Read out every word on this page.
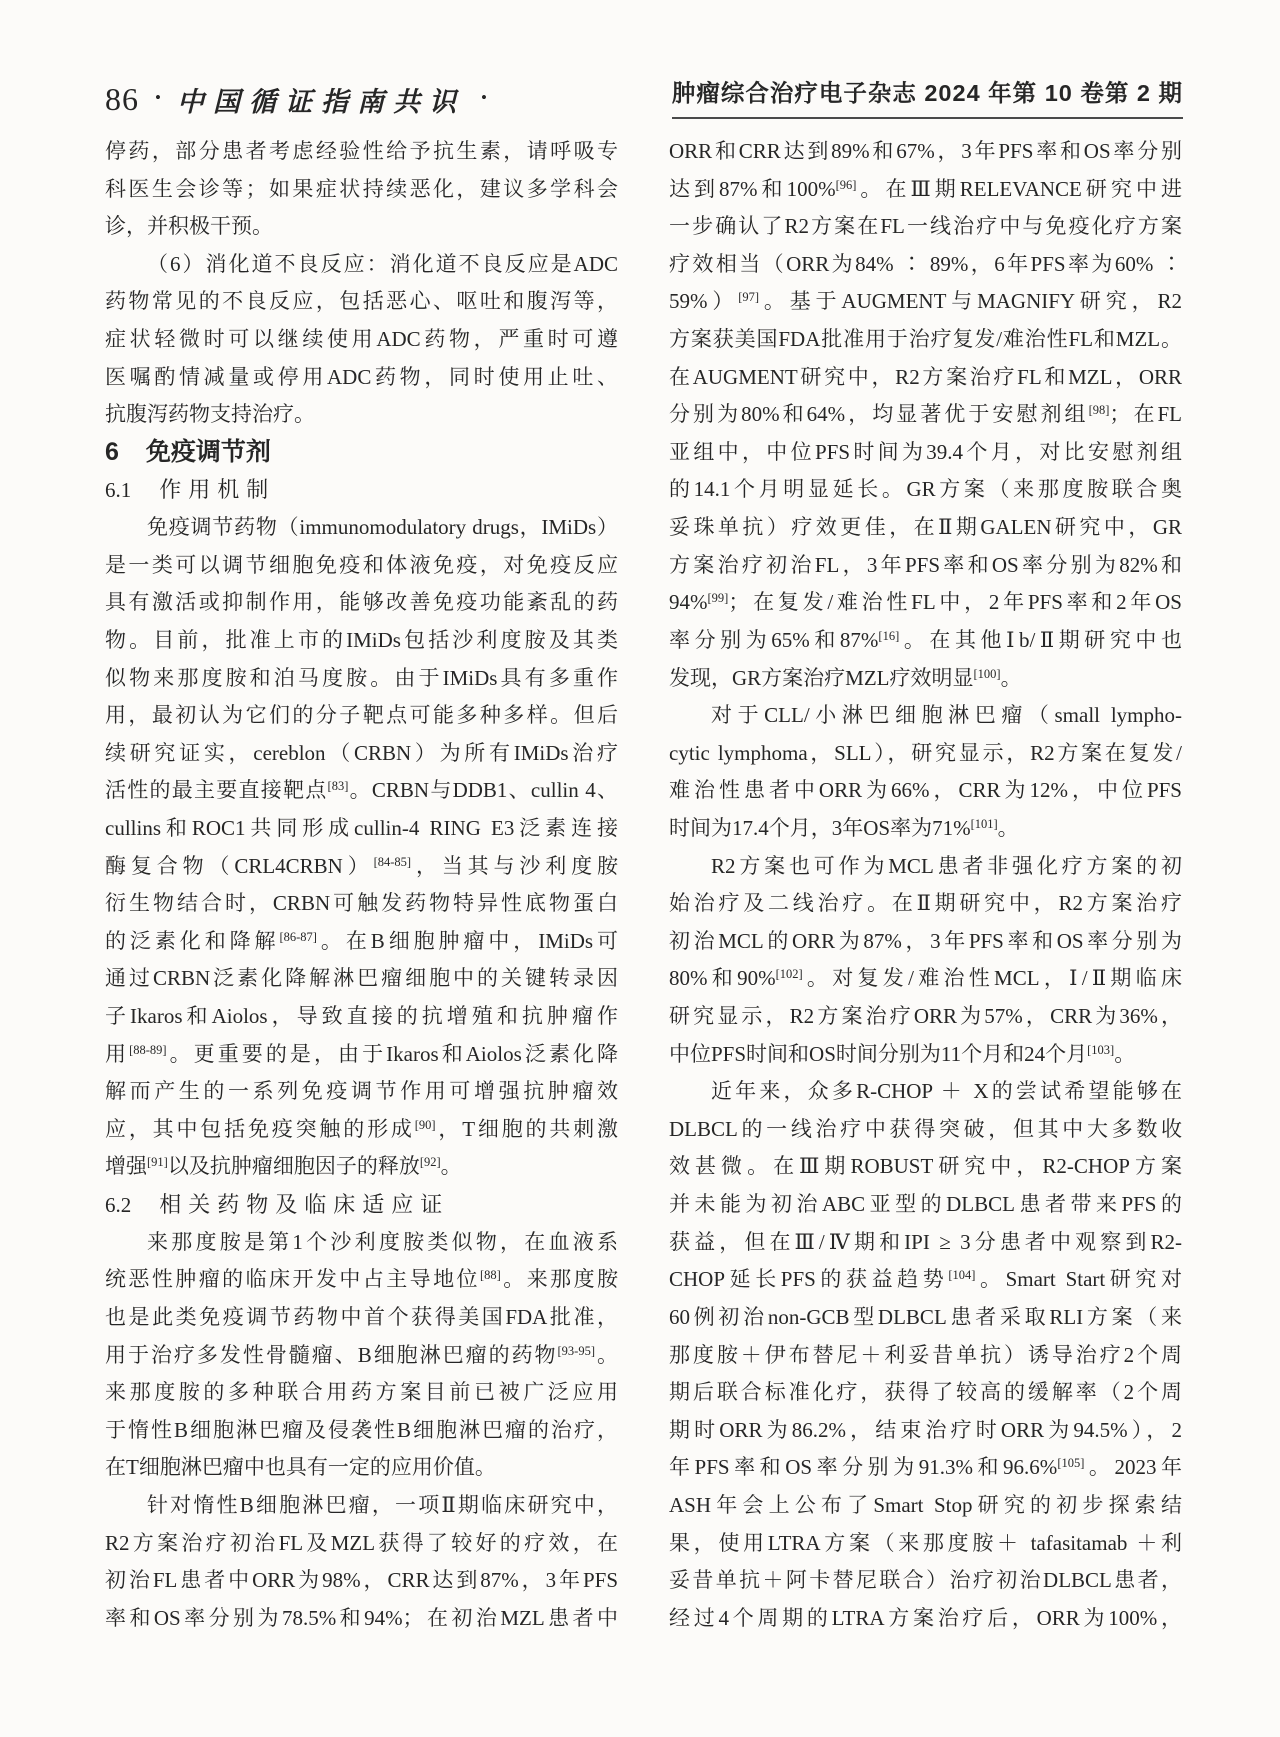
86 • 中国循证指南共识 •	肿瘤综合治疗电子杂志 2024 年第 10 卷第 2 期
停药，部分患者考虑经验性给予抗生素，请呼吸专
科医生会诊等；如果症状持续恶化，建议多学科会
诊，并积极干预。
（6）消化道不良反应：消化道不良反应是ADC
药物常见的不良反应，包括恶心、呕吐和腹泻等，
症状轻微时可以继续使用ADC药物，严重时可遵
医嘱酌情减量或停用ADC药物，同时使用止吐、
抗腹泻药物支持治疗。
6 免疫调节剂
6.1 作用机制
免疫调节药物（immunomodulatory drugs，IMiDs）
是一类可以调节细胞免疫和体液免疫，对免疫反应
具有激活或抑制作用，能够改善免疫功能紊乱的药
物。目前，批准上市的IMiDs包括沙利度胺及其类
似物来那度胺和泊马度胺。由于IMiDs具有多重作
用，最初认为它们的分子靶点可能多种多样。但后
续研究证实，cereblon（CRBN）为所有IMiDs治疗
活性的最主要直接靶点[83]。CRBN与DDB1、cullin 4、
cullins和ROC1共同形成cullin-4 RING E3泛素连接
酶复合物（CRL4CRBN）[84-85]，当其与沙利度胺
衍生物结合时，CRBN可触发药物特异性底物蛋白
的泛素化和降解[86-87]。在B细胞肿瘤中，IMiDs可
通过CRBN泛素化降解淋巴瘤细胞中的关键转录因
子Ikaros和Aiolos，导致直接的抗增殖和抗肿瘤作
用[88-89]。更重要的是，由于Ikaros和Aiolos泛素化降
解而产生的一系列免疫调节作用可增强抗肿瘤效
应，其中包括免疫突触的形成[90]，T细胞的共刺激
增强[91]以及抗肿瘤细胞因子的释放[92]。
6.2 相关药物及临床适应证
来那度胺是第1个沙利度胺类似物，在血液系
统恶性肿瘤的临床开发中占主导地位[88]。来那度胺
也是此类免疫调节药物中首个获得美国FDA批准，
用于治疗多发性骨髓瘤、B细胞淋巴瘤的药物[93-95]。
来那度胺的多种联合用药方案目前已被广泛应用
于惰性B细胞淋巴瘤及侵袭性B细胞淋巴瘤的治疗，
在T细胞淋巴瘤中也具有一定的应用价值。
针对惰性B细胞淋巴瘤，一项Ⅱ期临床研究中，
R2方案治疗初治FL及MZL获得了较好的疗效，在
初治FL患者中ORR为98%，CRR达到87%，3年PFS
率和OS率分别为78.5%和94%；在初治MZL患者中
ORR和CRR达到89%和67%，3年PFS率和OS率分别
达到87%和100%[96]。在Ⅲ期RELEVANCE研究中进
一步确认了R2方案在FL一线治疗中与免疫化疗方案
疗效相当（ORR为84% ∶ 89%，6年PFS率为60% ∶
59%）[97]。基于AUGMENT与MAGNIFY研究，R2
方案获美国FDA批准用于治疗复发/难治性FL和MZL。
在AUGMENT研究中，R2方案治疗FL和MZL，ORR
分别为80%和64%，均显著优于安慰剂组[98]；在FL
亚组中，中位PFS时间为39.4个月，对比安慰剂组
的14.1个月明显延长。GR方案（来那度胺联合奥
妥珠单抗）疗效更佳，在Ⅱ期GALEN研究中，GR
方案治疗初治FL，3年PFS率和OS率分别为82%和
94%[99]；在复发/难治性FL中，2年PFS率和2年OS
率分别为65%和87%[16]。在其他Ⅰb/Ⅱ期研究中也
发现，GR方案治疗MZL疗效明显[100]。
对于CLL/小淋巴细胞淋巴瘤（small lympho-
cytic lymphoma，SLL），研究显示，R2方案在复发/
难治性患者中ORR为66%，CRR为12%，中位PFS
时间为17.4个月，3年OS率为71%[101]。
R2方案也可作为MCL患者非强化疗方案的初
始治疗及二线治疗。在Ⅱ期研究中，R2方案治疗
初治MCL的ORR为87%，3年PFS率和OS率分别为
80%和90%[102]。对复发/难治性MCL，Ⅰ/Ⅱ期临床
研究显示，R2方案治疗ORR为57%，CRR为36%，
中位PFS时间和OS时间分别为11个月和24个月[103]。
近年来，众多R-CHOP ＋ X的尝试希望能够在
DLBCL的一线治疗中获得突破，但其中大多数收
效甚微。在Ⅲ期ROBUST研究中，R2-CHOP方案
并未能为初治ABC亚型的DLBCL患者带来PFS的
获益，但在Ⅲ/Ⅳ期和IPI ≥ 3分患者中观察到R2-
CHOP延长PFS的获益趋势[104]。Smart Start研究对
60例初治non-GCB型DLBCL患者采取RLI方案（来
那度胺＋伊布替尼＋利妥昔单抗）诱导治疗2个周
期后联合标准化疗，获得了较高的缓解率（2个周
期时ORR为86.2%，结束治疗时ORR为94.5%），2
年PFS率和OS率分别为91.3%和96.6%[105]。2023年
ASH年会上公布了Smart Stop研究的初步探索结
果，使用LTRA方案（来那度胺＋ tafasitamab ＋利
妥昔单抗＋阿卡替尼联合）治疗初治DLBCL患者，
经过4个周期的LTRA方案治疗后，ORR为100%，
